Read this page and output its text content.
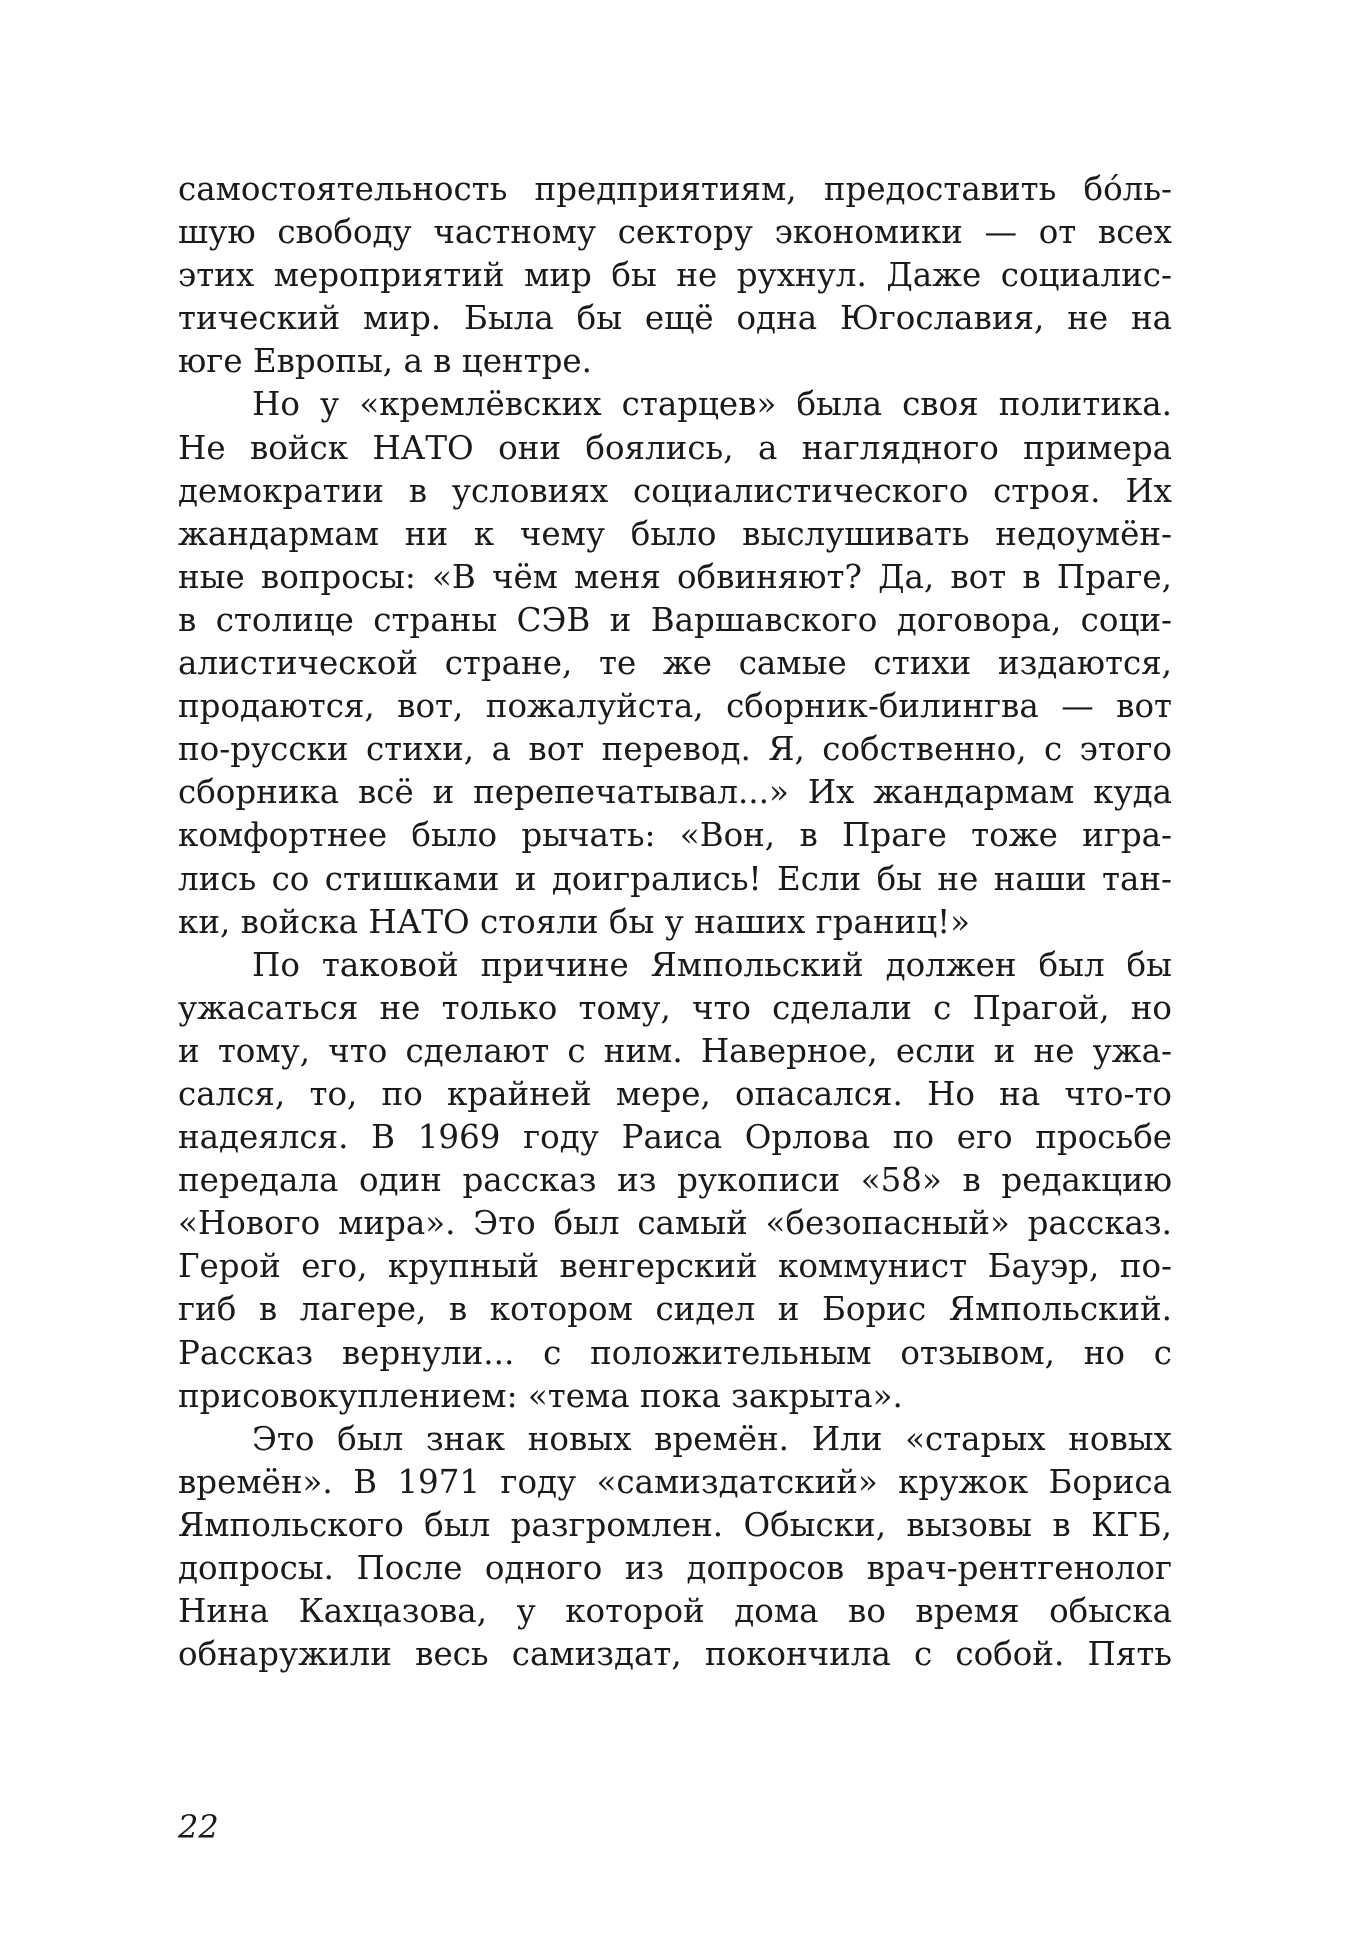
самостоятельность предприятиям, предоставить бо́ль-
шую свободу частному сектору экономики — от всех
этих мероприятий мир бы не рухнул. Даже социалис-
тический мир. Была бы ещё одна Югославия, не на
юге Европы, а в центре.
Но у «кремлёвских старцев» была своя политика.
Не войск НАТО они боялись, а наглядного примера
демократии в условиях социалистического строя. Их
жандармам ни к чему было выслушивать недоумён-
ные вопросы: «В чём меня обвиняют? Да, вот в Праге,
в столице страны СЭВ и Варшавского договора, соци-
алистической стране, те же самые стихи издаются,
продаются, вот, пожалуйста, сборник-билингва — вот
по-русски стихи, а вот перевод. Я, собственно, с этого
сборника всё и перепечатывал...» Их жандармам куда
комфортнее было рычать: «Вон, в Праге тоже игра-
лись со стишками и доигрались! Если бы не наши тан-
ки, войска НАТО стояли бы у наших границ!»
По таковой причине Ямпольский должен был бы
ужасаться не только тому, что сделали с Прагой, но
и тому, что сделают с ним. Наверное, если и не ужа-
сался, то, по крайней мере, опасался. Но на что-то
надеялся. В 1969 году Раиса Орлова по его просьбе
передала один рассказ из рукописи «58» в редакцию
«Нового мира». Это был самый «безопасный» рассказ.
Герой его, крупный венгерский коммунист Бауэр, по-
гиб в лагере, в котором сидел и Борис Ямпольский.
Рассказ вернули... с положительным отзывом, но с
присовокуплением: «тема пока закрыта».
Это был знак новых времён. Или «старых новых
времён». В 1971 году «самиздатский» кружок Бориса
Ямпольского был разгромлен. Обыски, вызовы в КГБ,
допросы. После одного из допросов врач-рентгенолог
Нина Кахцазова, у которой дома во время обыска
обнаружили весь самиздат, покончила с собой. Пять
22
